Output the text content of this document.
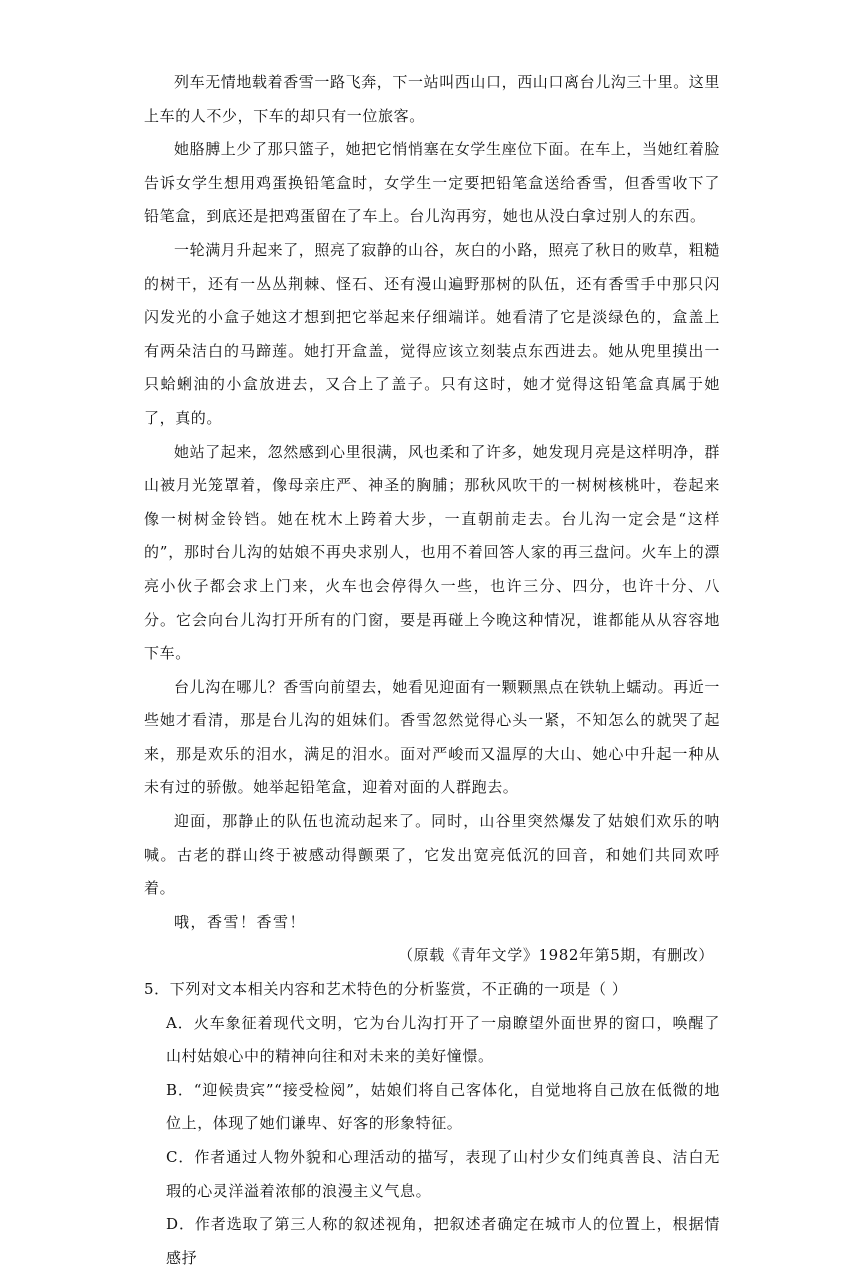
列车无情地载着香雪一路飞奔，下一站叫西山口，西山口离台儿沟三十里。这里上车的人不少，下车的却只有一位旅客。

她胳膊上少了那只篮子，她把它悄悄塞在女学生座位下面。在车上，当她红着脸告诉女学生想用鸡蛋换铅笔盒时，女学生一定要把铅笔盒送给香雪，但香雪收下了铅笔盒，到底还是把鸡蛋留在了车上。台儿沟再穷，她也从没白拿过别人的东西。

一轮满月升起来了，照亮了寂静的山谷，灰白的小路，照亮了秋日的败草，粗糙的树干，还有一丛丛荆棘、怪石、还有漫山遍野那树的队伍，还有香雪手中那只闪闪发光的小盒子她这才想到把它举起来仔细端详。她看清了它是淡绿色的，盒盖上有两朵洁白的马蹄莲。她打开盒盖，觉得应该立刻装点东西进去。她从兜里摸出一只蛤蜊油的小盒放进去，又合上了盖子。只有这时，她才觉得这铅笔盒真属于她了，真的。

她站了起来，忽然感到心里很满，风也柔和了许多，她发现月亮是这样明净，群山被月光笼罩着，像母亲庄严、神圣的胸脯；那秋风吹干的一树树核桃叶，卷起来像一树树金铃铛。她在枕木上跨着大步，一直朝前走去。台儿沟一定会是“这样的”，那时台儿沟的姑娘不再央求别人，也用不着回答人家的再三盘问。火车上的漂亮小伙子都会求上门来，火车也会停得久一些，也许三分、四分，也许十分、八分。它会向台儿沟打开所有的门窗，要是再碰上今晚这种情况，谁都能从从容容地下车。

台儿沟在哪儿？香雪向前望去，她看见迎面有一颗颗黑点在铁轨上蠕动。再近一些她才看清，那是台儿沟的姐妹们。香雪忽然觉得心头一紧，不知怎么的就哭了起来，那是欢乐的泪水，满足的泪水。面对严峻而又温厚的大山、她心中升起一种从未有过的骄傲。她举起铅笔盒，迎着对面的人群跑去。

迎面，那静止的队伍也流动起来了。同时，山谷里突然爆发了姑娘们欢乐的呐喊。古老的群山终于被感动得颤栗了，它发出宽亮低沉的回音，和她们共同欢呼着。

哦，香雪！香雪！

（原载《青年文学》1982年第5期，有删改）

5．下列对文本相关内容和艺术特色的分析鉴赏，不正确的一项是（ ）

A．火车象征着现代文明，它为台儿沟打开了一扇瞭望外面世界的窗口，唤醒了山村姑娘心中的精神向往和对未来的美好憧憬。

B．“迎候贵宾”“接受检阅”，姑娘们将自己客体化，自觉地将自己放在低微的地位上，体现了她们谦卑、好客的形象特征。

C．作者通过人物外貌和心理活动的描写，表现了山村少女们纯真善良、洁白无瑕的心灵洋溢着浓郁的浪漫主义气息。

D．作者选取了第三人称的叙述视角，把叙述者确定在城市人的位置上，根据情感抒
